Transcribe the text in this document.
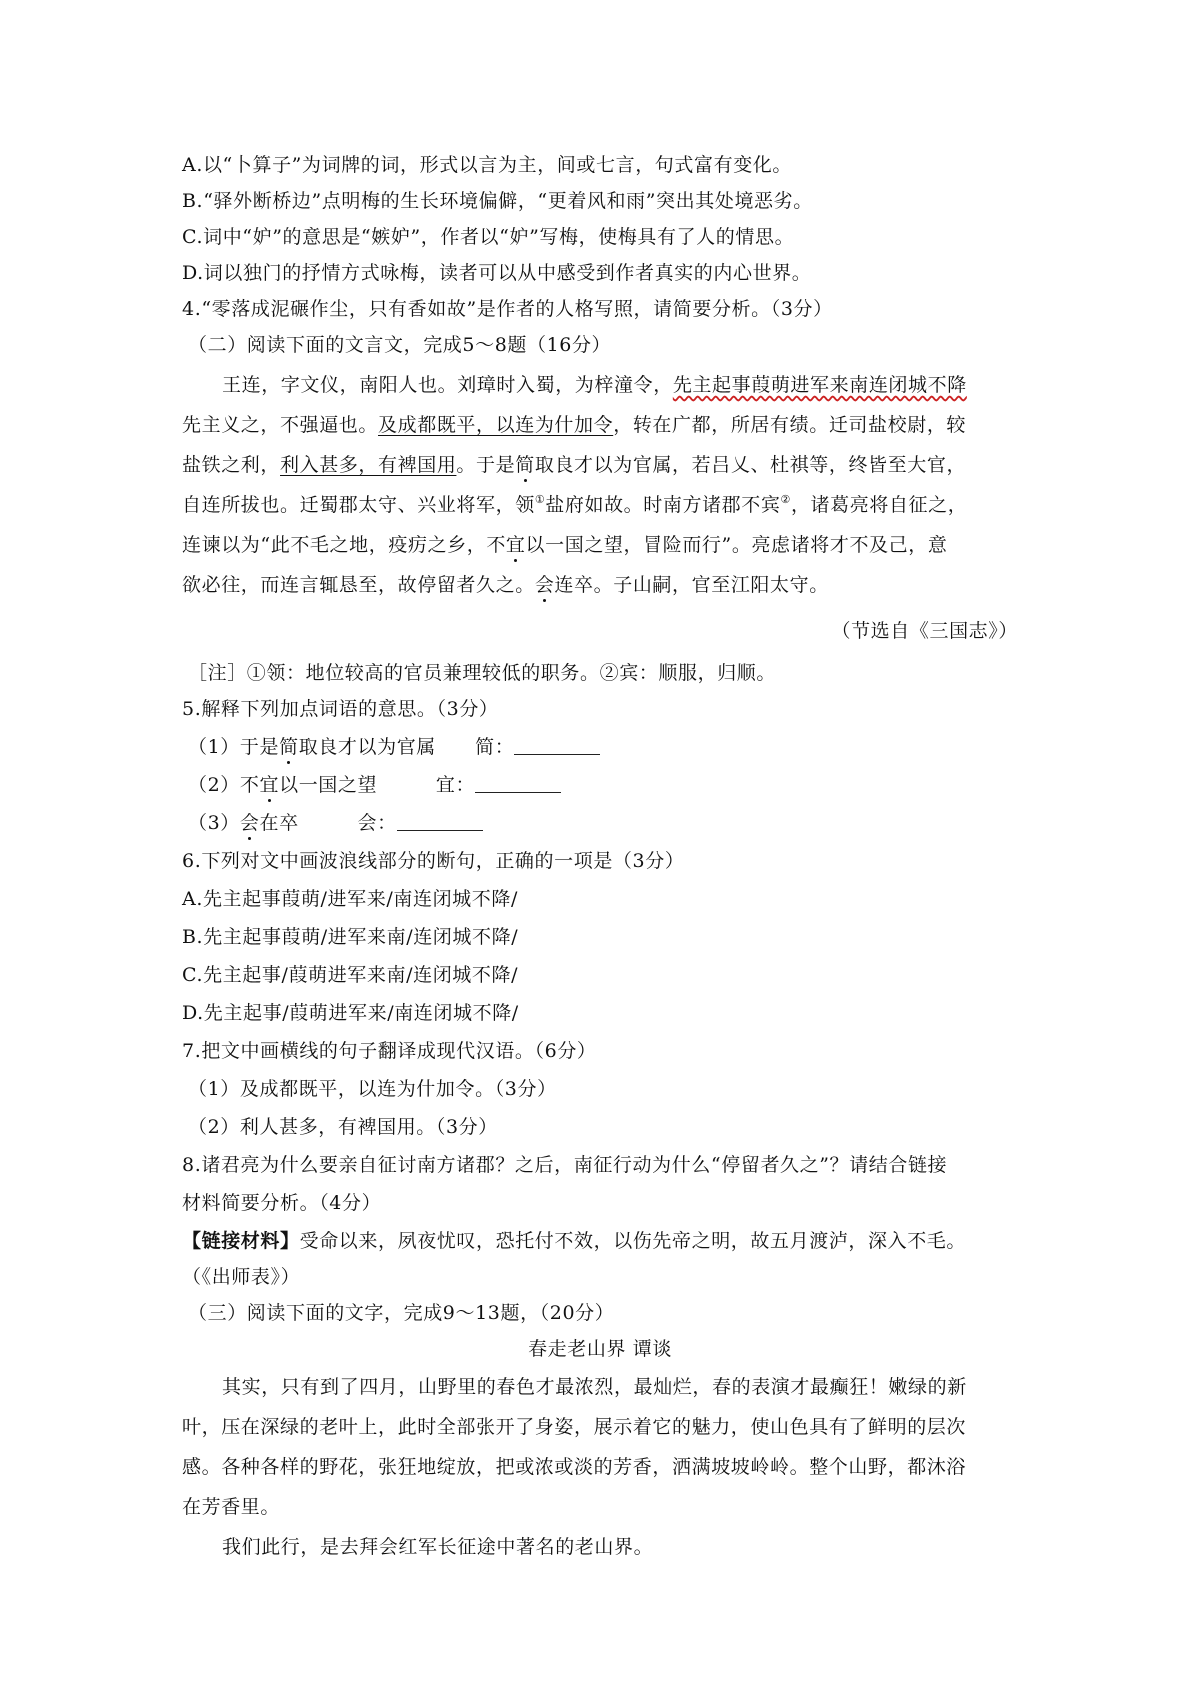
A.以“卜算子”为词牌的词，形式以言为主，间或七言，句式富有变化。
B.“驿外断桥边”点明梅的生长环境偏僻，“更着风和雨”突出其处境恶劣。
C.词中“妒”的意思是“嫉妒”，作者以“妒”写梅，使梅具有了人的情思。
D.词以独门的抒情方式咏梅，读者可以从中感受到作者真实的内心世界。
4.“零落成泥碾作尘，只有香如故”是作者的人格写照，请简要分析。（3分）
（二）阅读下面的文言文，完成5～8题（16分）
王连，字文仪，南阳人也。刘璋时入蜀，为梓潼令，先主起事葭萌进军来南连闭城不降
先主义之，不强逼也。及成都既平，以连为什加令，转在广都，所居有绩。迁司盐校尉，较
盐铁之利，利入甚多，有裨国用。于是简取良才以为官属，若吕乂、杜祺等，终皆至大官，
自连所拔也。迁蜀郡太守、兴业将军，领①盐府如故。时南方诸郡不宾②，诸葛亮将自征之，
连谏以为“此不毛之地，疫疠之乡，不宜以一国之望，冒险而行”。亮虑诸将才不及己，意
欲必往，而连言辄恳至，故停留者久之。会连卒。子山嗣，官至江阳太守。
（节选自《三国志》）
［注］①领：地位较高的官员兼理较低的职务。②宾：顺服，归顺。
5.解释下列加点词语的意思。（3分）
（1）于是简取良才以为官属　　简：
（2）不宜以一国之望　　　宜：
（3）会在卒　　　会：
6.下列对文中画波浪线部分的断句，正确的一项是（3分）
A.先主起事葭萌/进军来/南连闭城不降/
B.先主起事葭萌/进军来南/连闭城不降/
C.先主起事/葭萌进军来南/连闭城不降/
D.先主起事/葭萌进军来/南连闭城不降/
7.把文中画横线的句子翻译成现代汉语。（6分）
（1）及成都既平，以连为什加令。（3分）
（2）利人甚多，有裨国用。（3分）
8.诸君亮为什么要亲自征讨南方诸郡？之后，南征行动为什么“停留者久之”？请结合链接
材料简要分析。（4分）
【链接材料】受命以来，夙夜忧叹，恐托付不效，以伤先帝之明，故五月渡泸，深入不毛。
（《出师表》）
（三）阅读下面的文字，完成9～13题，（20分）
春走老山界 谭谈
其实，只有到了四月，山野里的春色才最浓烈，最灿烂，春的表演才最癫狂！嫩绿的新
叶，压在深绿的老叶上，此时全部张开了身姿，展示着它的魅力，使山色具有了鲜明的层次
感。各种各样的野花，张狂地绽放，把或浓或淡的芳香，洒满坡坡岭岭。整个山野，都沐浴
在芳香里。
我们此行，是去拜会红军长征途中著名的老山界。
